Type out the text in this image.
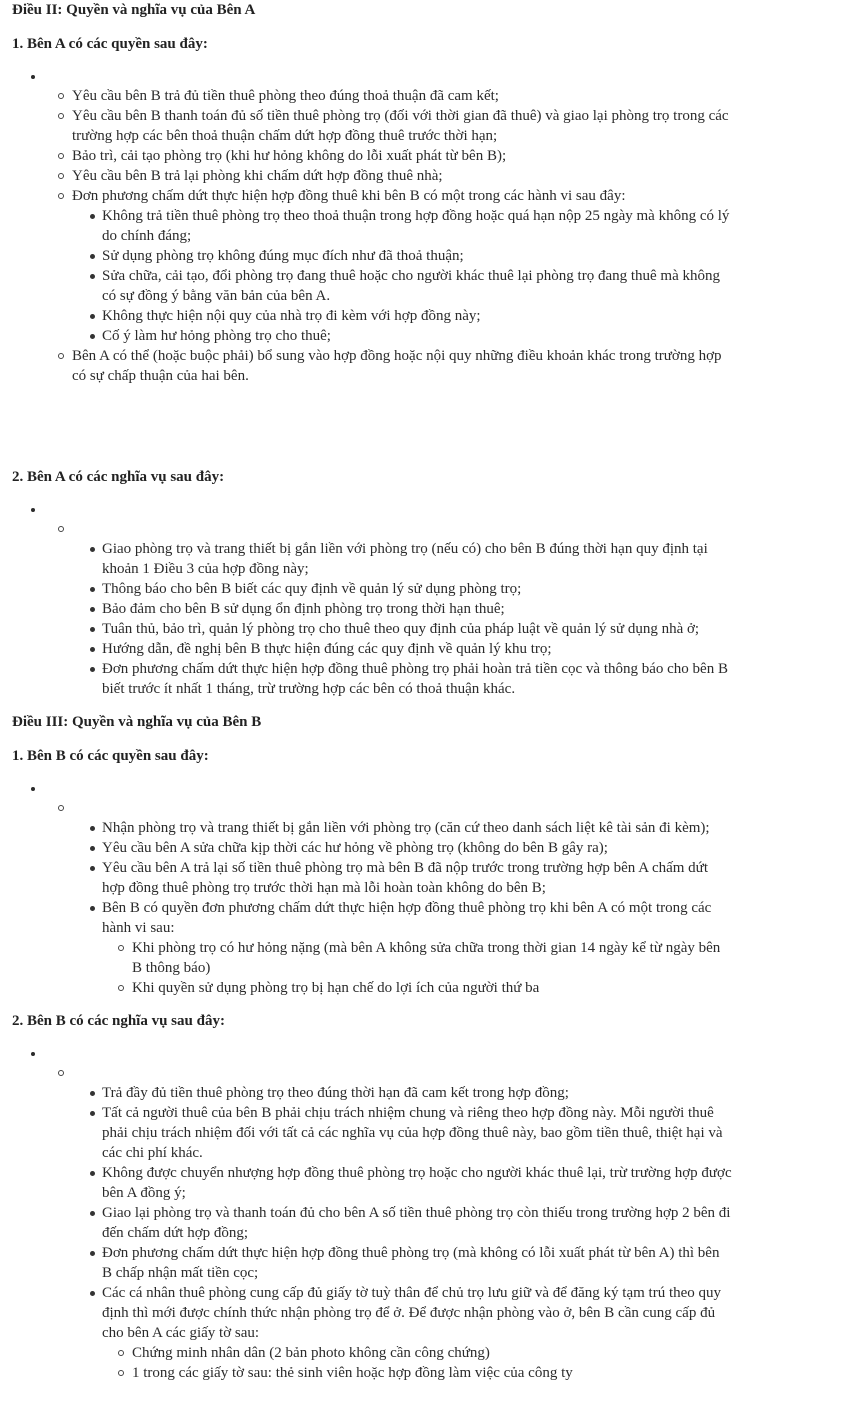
Điều II: Quyền và nghĩa vụ của Bên A
1. Bên A có các quyền sau đây:
Yêu cầu bên B trả đủ tiền thuê phòng theo đúng thoả thuận đã cam kết;
Yêu cầu bên B thanh toán đủ số tiền thuê phòng trọ (đối với thời gian đã thuê) và giao lại phòng trọ trong các trường hợp các bên thoả thuận chấm dứt hợp đồng thuê trước thời hạn;
Bảo trì, cải tạo phòng trọ (khi hư hỏng không do lỗi xuất phát từ bên B);
Yêu cầu bên B trả lại phòng khi chấm dứt hợp đồng thuê nhà;
Đơn phương chấm dứt thực hiện hợp đồng thuê khi bên B có một trong các hành vi sau đây:
Không trả tiền thuê phòng trọ theo thoả thuận trong hợp đồng hoặc quá hạn nộp 25 ngày mà không có lý do chính đáng;
Sử dụng phòng trọ không đúng mục đích như đã thoả thuận;
Sửa chữa, cải tạo, đổi phòng trọ đang thuê hoặc cho người khác thuê lại phòng trọ đang thuê mà không có sự đồng ý bằng văn bản của bên A.
Không thực hiện nội quy của nhà trọ đi kèm với hợp đồng này;
Cố ý làm hư hỏng phòng trọ cho thuê;
Bên A có thể (hoặc buộc phải) bổ sung vào hợp đồng hoặc nội quy những điều khoản khác trong trường hợp có sự chấp thuận của hai bên.
2. Bên A có các nghĩa vụ sau đây:
Giao phòng trọ và trang thiết bị gắn liền với phòng trọ (nếu có) cho bên B đúng thời hạn quy định tại khoản 1 Điều 3 của hợp đồng này;
Thông báo cho bên B biết các quy định về quản lý sử dụng phòng trọ;
Bảo đảm cho bên B sử dụng ổn định phòng trọ trong thời hạn thuê;
Tuân thủ, bảo trì, quản lý phòng trọ cho thuê theo quy định của pháp luật về quản lý sử dụng nhà ở;
Hướng dẫn, đề nghị bên B thực hiện đúng các quy định về quản lý khu trọ;
Đơn phương chấm dứt thực hiện hợp đồng thuê phòng trọ phải hoàn trả tiền cọc và thông báo cho bên B biết trước ít nhất 1 tháng, trừ trường hợp các bên có thoả thuận khác.
Điều III: Quyền và nghĩa vụ của Bên B
1. Bên B có các quyền sau đây:
Nhận phòng trọ và trang thiết bị gắn liền với phòng trọ (căn cứ theo danh sách liệt kê tài sản đi kèm);
Yêu cầu bên A sửa chữa kịp thời các hư hỏng về phòng trọ (không do bên B gây ra);
Yêu cầu bên A trả lại số tiền thuê phòng trọ mà bên B đã nộp trước trong trường hợp bên A chấm dứt hợp đồng thuê phòng trọ trước thời hạn mà lỗi hoàn toàn không do bên B;
Bên B có quyền đơn phương chấm dứt thực hiện hợp đồng thuê phòng trọ khi bên A có một trong các hành vi sau:
Khi phòng trọ có hư hỏng nặng (mà bên A không sửa chữa trong thời gian 14 ngày kể từ ngày bên B thông báo)
Khi quyền sử dụng phòng trọ bị hạn chế do lợi ích của người thứ ba
2. Bên B có các nghĩa vụ sau đây:
Trả đầy đủ tiền thuê phòng trọ theo đúng thời hạn đã cam kết trong hợp đồng;
Tất cả người thuê của bên B phải chịu trách nhiệm chung và riêng theo hợp đồng này. Mỗi người thuê phải chịu trách nhiệm đối với tất cả các nghĩa vụ của hợp đồng thuê này, bao gồm tiền thuê, thiệt hại và các chi phí khác.
Không được chuyển nhượng hợp đồng thuê phòng trọ hoặc cho người khác thuê lại, trừ trường hợp được bên A đồng ý;
Giao lại phòng trọ và thanh toán đủ cho bên A số tiền thuê phòng trọ còn thiếu trong trường hợp 2 bên đi đến chấm dứt hợp đồng;
Đơn phương chấm dứt thực hiện hợp đồng thuê phòng trọ (mà không có lỗi xuất phát từ bên A) thì bên B chấp nhận mất tiền cọc;
Các cá nhân thuê phòng cung cấp đủ giấy tờ tuỳ thân để chủ trọ lưu giữ và để đăng ký tạm trú theo quy định thì mới được chính thức nhận phòng trọ để ở. Để được nhận phòng vào ở, bên B cần cung cấp đủ cho bên A các giấy tờ sau:
Chứng minh nhân dân (2 bản photo không cần công chứng)
1 trong các giấy tờ sau: thẻ sinh viên hoặc hợp đồng làm việc của công ty
